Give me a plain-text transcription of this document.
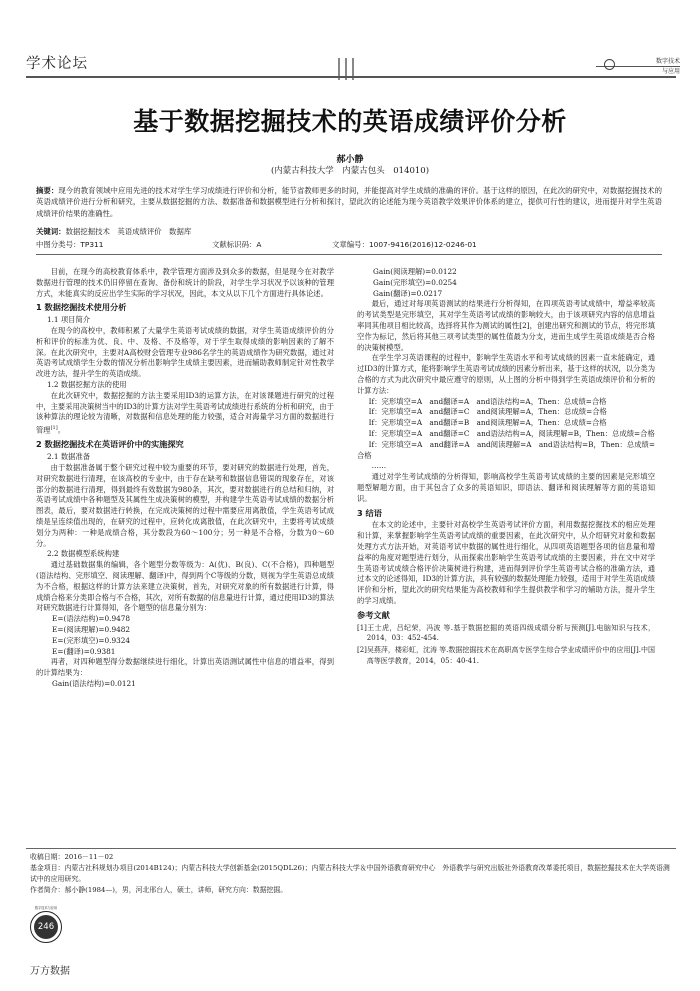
学术论坛	数字技术
与应用
基于数据挖掘技术的英语成绩评价分析
郝小静
(内蒙古科技大学　内蒙古包头　014010)
摘要：现今的教育领域中应用先进的技术对学生学习成绩进行评价和分析，能节省教师更多的时间，并能提高对学生成绩的准确的评价。基于这样的原因，在此次的研究中，对数据挖掘技术的英语成绩评价进行分析和研究，主要从数据挖掘的方法、数据准备和数据模型进行分析和探讨，望此次的论述能为现今英语教学效果评价体系的建立，提供可行性的建议，进而提升对学生英语成绩评价结果的准确性。
关键词：数据挖掘技术　英语成绩评价　数据库
中图分类号：TP311	文献标识码：A	文章编号：1007-9416(2016)12-0246-01

目前，在现今的高校教育体系中，教学管理方面涉及到众多的数据，但是现今在对教学数据进行管理的技术仍旧停留在查询、备份和统计的阶段，对学生学习状况予以该种的管理方式，未能真实的反应出学生实际的学习状况，因此，本文从以下几个方面进行具体论述。

1 数据挖掘技术使用分析
1.1 项目简介

在现今的高校中，教师积累了大量学生英语考试成绩的数据，对学生英语成绩评价的分析和评价的标准为优、良、中、及格、不及格等，对于学生取得成绩的影响因素的了解不深。在此次研究中，主要对A高校财会管理专业986名学生的英语成绩作为研究数据，通过对英语考试成绩学生分数的情况分析出影响学生成绩主要因素，进而辅助教师制定针对性教学改进方法，提升学生的英语成绩。

1.2 数据挖掘方法的使用

在此次研究中，数据挖掘的方法主要采用ID3的运算方法，在对该课题进行研究的过程中，主要采用决策树当中的ID3的计算方法对学生英语考试成绩进行系统的分析和研究，由于该种算法的理论较为清晰，对数据和信息处理的能力较强，适合对海量学习方面的数据进行管理[1]。

2 数据挖掘技术在英语评价中的实施探究
2.1 数据准备

由于数据准备属于整个研究过程中较为重要的环节，要对研究的数据进行处理，首先，对研究数据进行清理，在该高校的专业中，由于存在缺考和数据信息错误的现象存在，对该部分的数据进行清理，得到最终有效数据为980条，其次，要对数据进行的总结和归纳，对英语考试成绩中各种题型及其属性生成决策树的模型，并构建学生英语考试成绩的数据分析图表，最后，要对数据进行转换，在完成决策树的过程中需要应用离散值，学生英语考试成绩是呈连续值出现的，在研究的过程中，应转化成离散值，在此次研究中，主要将考试成绩划分为两种：一种是成绩合格，其分数段为60～100分；另一种是不合格，分数为0～60分。

2.2 数据模型系统构建

通过基础数据集的编辑，各个题型分数等级为：A(优)、B(良)、C(不合格)，四种题型(语法结构、完形填空、阅读理解、翻译)中，得到两个C等级的分数，则视为学生英语总成绩为不合格，根据这样的计算方法来建立决策树，首先，对研究对象的所有数据进行计算，得成绩合格来分类即合格与不合格，其次，对所有数据的信息量进行计算，通过使用ID3的算法对研究数据进行计算得知，各个题型的信息量分别为：

E=(语法结构)=0.9478
E=(阅读理解)=0.9482
E=(完形填空)=0.9324
E=(翻译)=0.9381

再者，对四种题型得分数据继续进行细化，计算出英语测试属性中信息的增益率，得到的计算结果为：

Gain(语法结构)=0.0121
Gain(阅读理解)=0.0122
Gain(完形填空)=0.0254
Gain(翻译)=0.0217

最后，通过对每项英语测试的结果进行分析得知，在四项英语考试成绩中，增益率较高的考试类型是完形填空，其对学生英语考试成绩的影响较大，由于该项研究内容的信息增益率同其他项目相比较高，选择将其作为测试的属性[2]，创建出研究和测试的节点，将完形填空作为标记，然后将其他三项考试类型的属性值最为分支，进而生成学生英语成绩是否合格的决策树模型。

在学生学习英语课程的过程中，影响学生英语水平和考试成绩的因素一直未能确定，通过ID3的计算方式，能将影响学生英语考试成绩的因素分析出来，基于这样的状况，以分类为合格的方式为此次研究中最应遵守的原则，从上图的分析中得到学生英语成绩评价和分析的计算方法：

If：完形填空=A　and翻译=A　and语法结构=A，Then：总成绩=合格

If：完形填空=A　and翻译=C　and阅读理解=A，Then：总成绩=合格

If：完形填空=A　and翻译=B　and阅读理解=A，Then：总成绩=合格

If：完形填空=A　and翻译=C　and语法结构=A，阅读理解=B，Then：总成绩=合格

If：完形填空=A　and翻译=A　and阅读理解=A　and语法结构=B，Then：总成绩=合格

……

通过对学生考试成绩的分析得知，影响高校学生英语考试成绩的主要的因素是完形填空题型解题方面，由于其包含了众多的英语知识，即语法、翻译和阅读理解等方面的英语知识。

3 结语

在本文的论述中，主要针对高校学生英语考试评价方面，利用数据挖掘技术的相应处理和计算，来掌握影响学生英语考试成绩的重要因素，在此次研究中，从介绍研究对象和数据处理方式方法开始，对英语考试中数据的属性进行细化，从四项英语题型各项的信息量和增益率的角度对题型进行划分，从而探索出影响学生英语考试成绩的主要因素，并在文中对学生英语考试成绩合格评价决策树进行构建，进而得到评价学生英语考试合格的准确方法，通过本文的论述得知，ID3的计算方法，具有较强的数据处理能力较强，适用于对学生英语成绩评价和分析，望此次的研究结果能为高校教师和学生提供教学和学习的辅助方法，提升学生的学习成绩。

参考文献

[1]王士虎，吕纪荣，冯波 等.基于数据挖掘的英语四级成绩分析与预测[J].电脑知识与技术，2014，03：452-454.

[2]吴燕萍，楼彩虹，沈涛 等.数据挖掘技术在高职高专医学生综合学业成绩评价中的应用[J].中国高等医学教育，2014，05：40-41.

收稿日期：2016－11－02
基金项目：内蒙古社科规划办项目(2014B124)；内蒙古科技大学创新基金(2015QDL26)；内蒙古科技大学＆中国外语教育研究中心　外语教学与研究出版社外语教育改革委托项目，数据挖掘技术在大学英语测试中的应用研究。
作者简介：郝小静(1984—)，男，河北邢台人，硕士，讲师，研究方向：数据挖掘。
数字技术与应用
246
万方数据
